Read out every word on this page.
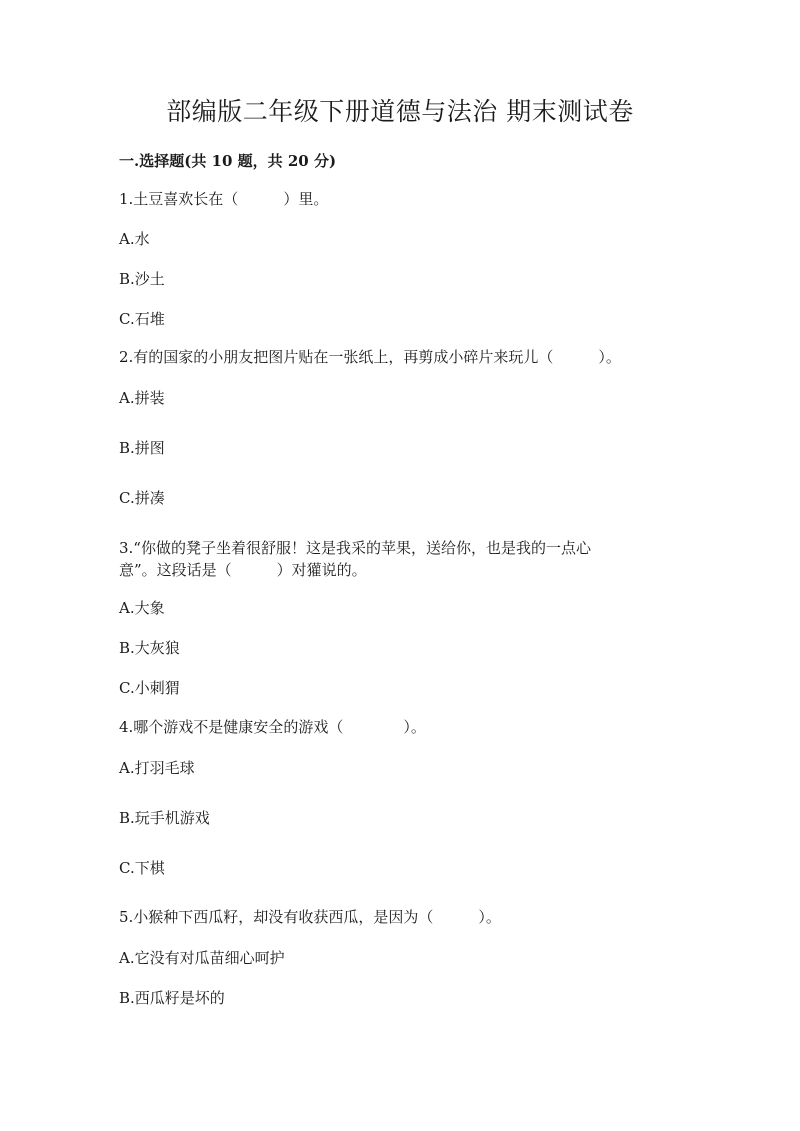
部编版二年级下册道德与法治 期末测试卷
一.选择题(共 10 题，共 20 分)
1.土豆喜欢长在（　　　）里。
A.水
B.沙土
C.石堆
2.有的国家的小朋友把图片贴在一张纸上，再剪成小碎片来玩儿（　　　）。
A.拼装
B.拼图
C.拼凑
3.“你做的凳子坐着很舒服！这是我采的苹果，送给你，也是我的一点心
意”。这段话是（　　　）对獾说的。
A.大象
B.大灰狼
C.小刺猬
4.哪个游戏不是健康安全的游戏（　　　　）。
A.打羽毛球
B.玩手机游戏
C.下棋
5.小猴种下西瓜籽，却没有收获西瓜，是因为（　　　）。
A.它没有对瓜苗细心呵护
B.西瓜籽是坏的
